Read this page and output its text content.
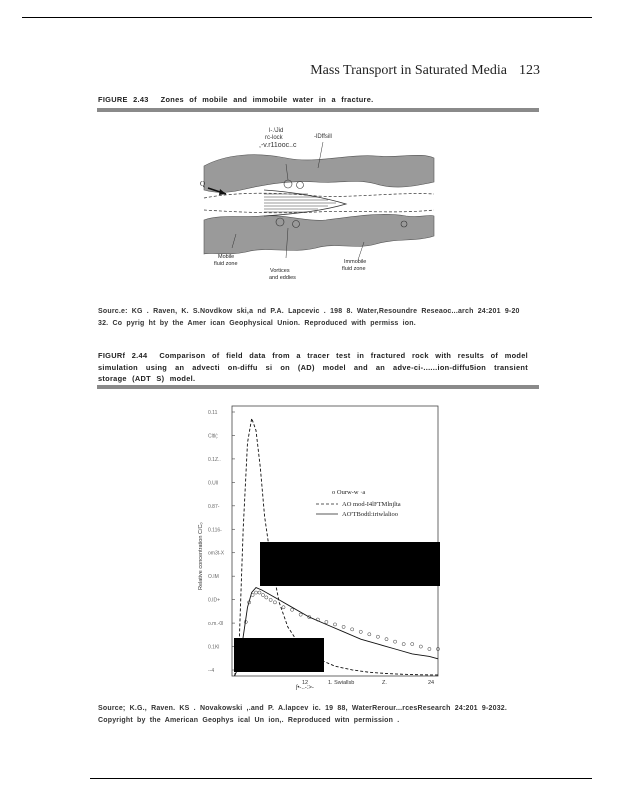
Mass Transport in Saturated Media 123
FIGURE 2.43 Zones of mobile and immobile water in a fracture.
l-.\Jid
rc-lock
,-v.r11ooc..c
-lDffsill
Q
Mobile
fluid zone
Vortices
and eddies
Immobile
fluid zone
Sourc.e: KG . Raven, K. S.Novdkow ski,a nd P.A. Lapcevic . 198 8. Water,Resoundre Reseaoc...arch 24:201 9-20 32. Co pyrig ht by the Amer ican Geophysical Union. Reproduced with permiss ion.
FIGURf 2.44 Comparison of field data from a tracer test in fractured rock with results of model simulation using an advecti on-diffu si on (AD) model and an adve-ci-......ion-diffu5ion transient storage (ADT S) model.
0.11
Cltl(:
0.1Z..
0.Ull
0.87-
0.116-
om3t-X
O.IM
0.ID+
o.m.-0l
0.1Kl
--4
12	1. Swiallsb	Z.	24
Relative concentration C/C₀
ʃ•-..-:>-
o Ourw-w ·a
AO mod-I4lFTMlnjlta
AO'TBodtl:iriwlalioo
Source; K.G., Raven. KS . Novakowski ,.and P. A.lapcev ic. 19 88, WaterRerour...rcesResearch 24:201 9-2032. Copyright by the American Geophys ical Un ion,. Reproduced witn permission .
